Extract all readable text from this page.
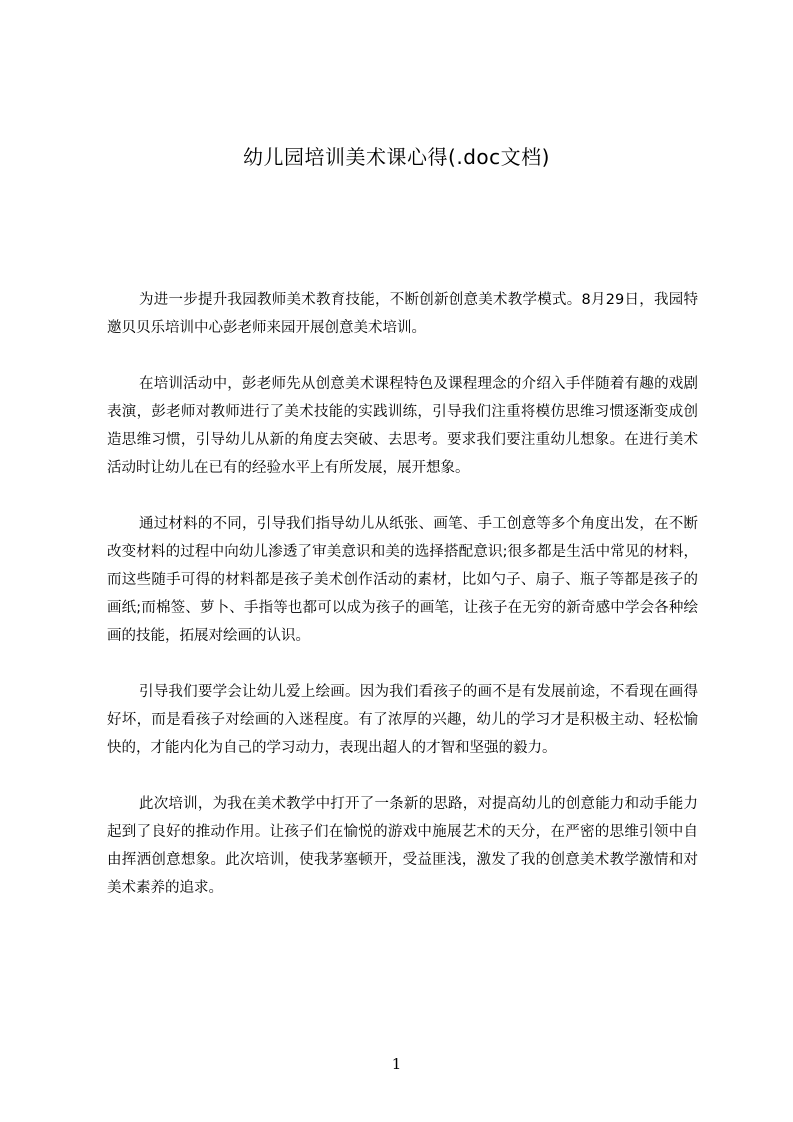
幼儿园培训美术课心得(.doc文档)

为进一步提升我园教师美术教育技能，不断创新创意美术教学模式。8月29日，我园特邀贝贝乐培训中心彭老师来园开展创意美术培训。

在培训活动中，彭老师先从创意美术课程特色及课程理念的介绍入手伴随着有趣的戏剧表演，彭老师对教师进行了美术技能的实践训练，引导我们注重将模仿思维习惯逐渐变成创造思维习惯，引导幼儿从新的角度去突破、去思考。要求我们要注重幼儿想象。在进行美术活动时让幼儿在已有的经验水平上有所发展，展开想象。

通过材料的不同，引导我们指导幼儿从纸张、画笔、手工创意等多个角度出发，在不断改变材料的过程中向幼儿渗透了审美意识和美的选择搭配意识;很多都是生活中常见的材料，而这些随手可得的材料都是孩子美术创作活动的素材，比如勺子、扇子、瓶子等都是孩子的画纸;而棉签、萝卜、手指等也都可以成为孩子的画笔，让孩子在无穷的新奇感中学会各种绘画的技能，拓展对绘画的认识。

引导我们要学会让幼儿爱上绘画。因为我们看孩子的画不是有发展前途，不看现在画得好坏，而是看孩子对绘画的入迷程度。有了浓厚的兴趣，幼儿的学习才是积极主动、轻松愉快的，才能内化为自己的学习动力，表现出超人的才智和坚强的毅力。

此次培训，为我在美术教学中打开了一条新的思路，对提高幼儿的创意能力和动手能力起到了良好的推动作用。让孩子们在愉悦的游戏中施展艺术的天分，在严密的思维引领中自由挥洒创意想象。此次培训，使我茅塞顿开，受益匪浅，激发了我的创意美术教学激情和对美术素养的追求。

1
